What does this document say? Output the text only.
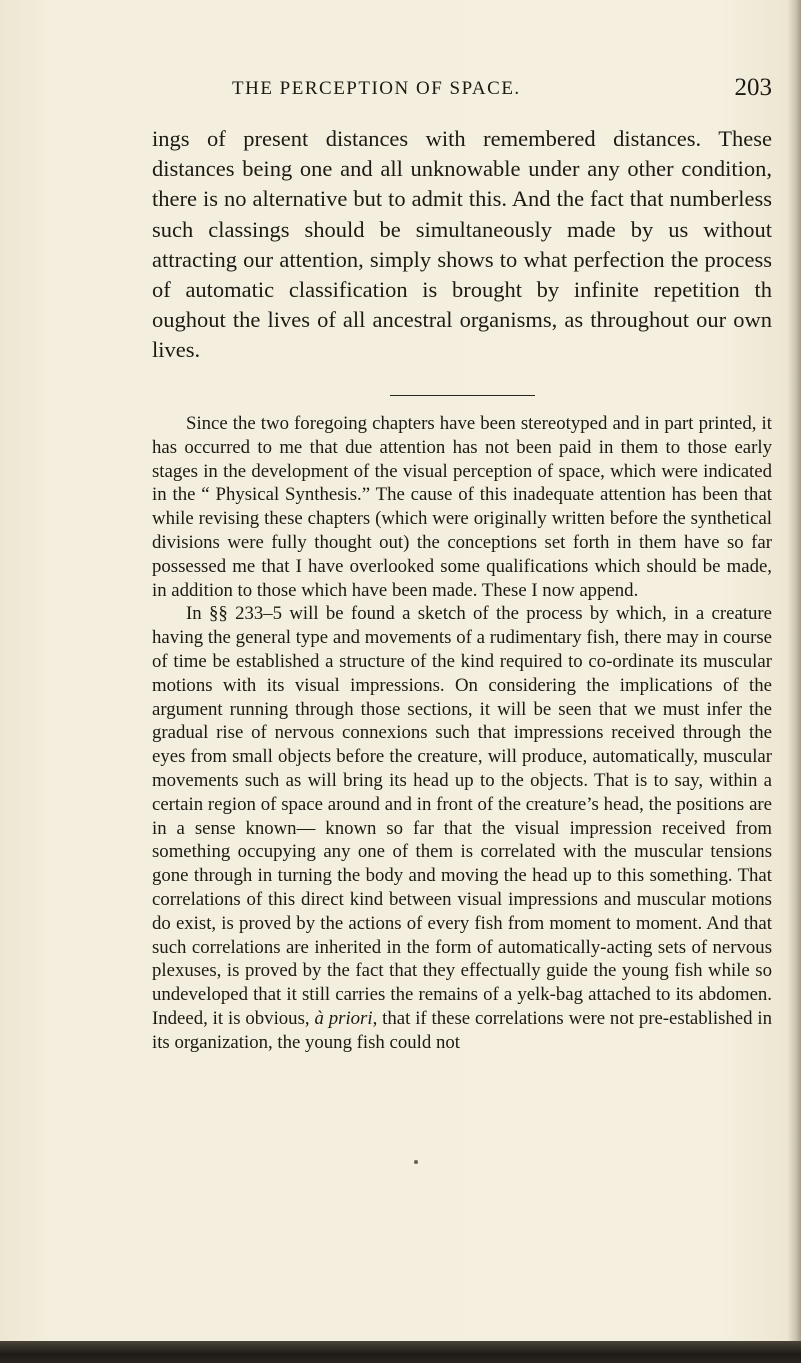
THE PERCEPTION OF SPACE.	203

ings of present distances with remembered distances. These distances being one and all unknowable under any other condition, there is no alternative but to admit this. And the fact that numberless such classings should be simultaneously made by us without attracting our attention, simply shows to what perfection the process of automatic classification is brought by infinite repetition th oughout the lives of all ancestral organisms, as throughout our own lives.

Since the two foregoing chapters have been stereotyped and in part printed, it has occurred to me that due attention has not been paid in them to those early stages in the development of the visual perception of space, which were indicated in the “ Physical Synthesis.” The cause of this inadequate attention has been that while revising these chapters (which were originally written before the synthetical divisions were fully thought out) the conceptions set forth in them have so far possessed me that I have overlooked some qualifications which should be made, in addition to those which have been made. These I now append.

In §§ 233–5 will be found a sketch of the process by which, in a creature having the general type and movements of a rudimentary fish, there may in course of time be established a structure of the kind required to co-ordinate its muscular motions with its visual impressions. On considering the implications of the argument running through those sections, it will be seen that we must infer the gradual rise of nervous connexions such that impressions received through the eyes from small objects before the creature, will produce, automatically, muscular movements such as will bring its head up to the objects. That is to say, within a certain region of space around and in front of the creature’s head, the positions are in a sense known— known so far that the visual impression received from something occupying any one of them is correlated with the muscular tensions gone through in turning the body and moving the head up to this something. That correlations of this direct kind between visual impressions and muscular motions do exist, is proved by the actions of every fish from moment to moment. And that such correlations are inherited in the form of automatically-acting sets of nervous plexuses, is proved by the fact that they effectually guide the young fish while so undeveloped that it still carries the remains of a yelk-bag attached to its abdomen. Indeed, it is obvious, à priori, that if these correlations were not pre-established in its organization, the young fish could not
